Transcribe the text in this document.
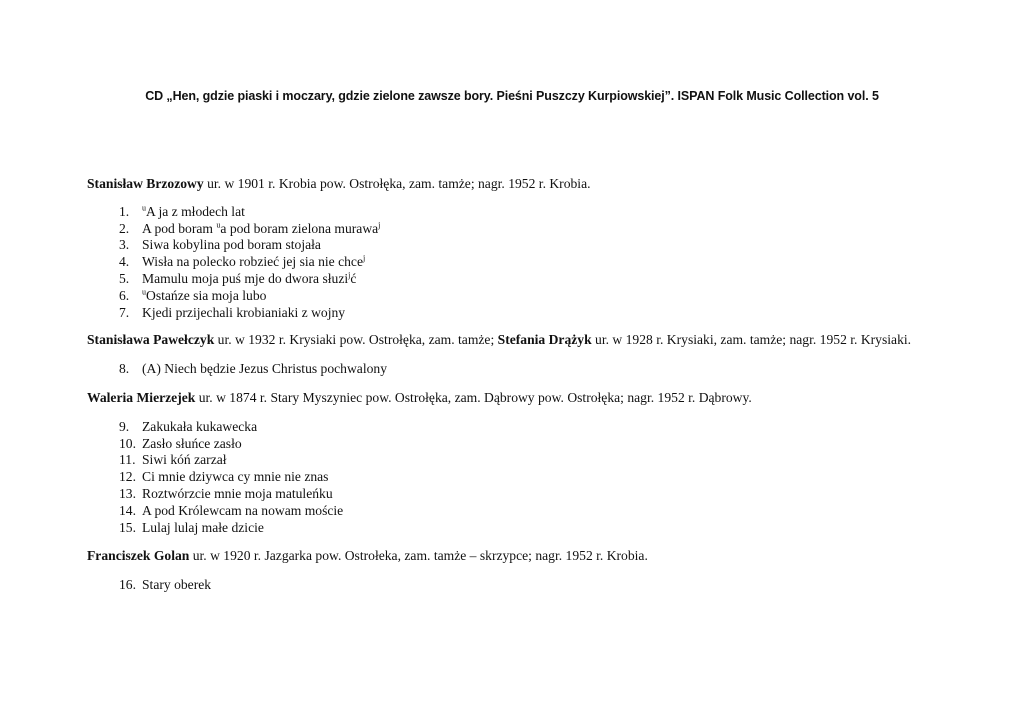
CD „Hen, gdzie piaski i moczary, gdzie zielone zawsze bory. Pieśni Puszczy Kurpiowskiej”. ISPAN Folk Music Collection vol. 5

Stanisław Brzozowy ur. w 1901 r. Krobia pow. Ostrołęka, zam. tamże; nagr. 1952 r. Krobia.

1.	$^u$A ja z młodech lat
2. A pod boram $^u$a pod boram zielona murawa$^j$
3. Siwa kobylina pod boram stojała
4. Wisła na polecko robzieć jej sia nie chce$^j$
5. Mamulu moja puś mje do dwora słuzi$^j$ć
6.	$^u$Ostańze sia moja lubo
7. Kjedi przijechali krobianiaki z wojny

Stanisława Pawełczyk ur. w 1932 r. Krysiaki pow. Ostrołęka, zam. tamże; Stefania Drążyk ur. w 1928 r. Krysiaki, zam. tamże; nagr. 1952 r. Krysiaki.

8. (A) Niech będzie Jezus Christus pochwalony

Waleria Mierzejek ur. w 1874 r. Stary Myszyniec pow. Ostrołęka, zam. Dąbrowy pow. Ostrołęka; nagr. 1952 r. Dąbrowy.

9. Zakukała kukawecka
10. Zasło słuńce zasło
11. Siwi kóń zarzał
12. Ci mnie dziywca cy mnie nie znas
13. Roztwórzcie mnie moja matuleńku
14. A pod Królewcam na nowam moście
15. Lulaj lulaj małe dzicie

Franciszek Golan ur. w 1920 r. Jazgarka pow. Ostrołeka, zam. tamże – skrzypce; nagr. 1952 r. Krobia.

16. Stary oberek
